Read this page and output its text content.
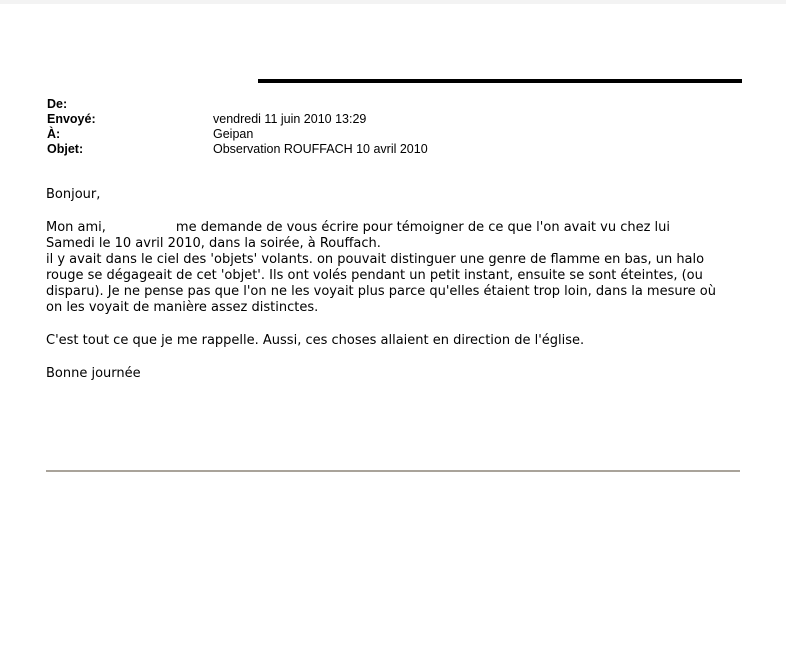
De:
Envoyé:	vendredi 11 juin 2010 13:29
À:	Geipan
Objet:	Observation ROUFFACH 10 avril 2010

Bonjour,

Mon ami,	me demande de vous écrire pour témoigner de ce que l'on avait vu chez lui

Samedi le 10 avril 2010, dans la soirée, à Rouffach.

il y avait dans le ciel des 'objets' volants. on pouvait distinguer une genre de flamme en bas, un halo

rouge se dégageait de cet 'objet'. Ils ont volés pendant un petit instant, ensuite se sont éteintes, (ou

disparu). Je ne pense pas que l'on ne les voyait plus parce qu'elles étaient trop loin, dans la mesure où

on les voyait de manière assez distinctes.

C'est tout ce que je me rappelle. Aussi, ces choses allaient en direction de l'église.

Bonne journée
